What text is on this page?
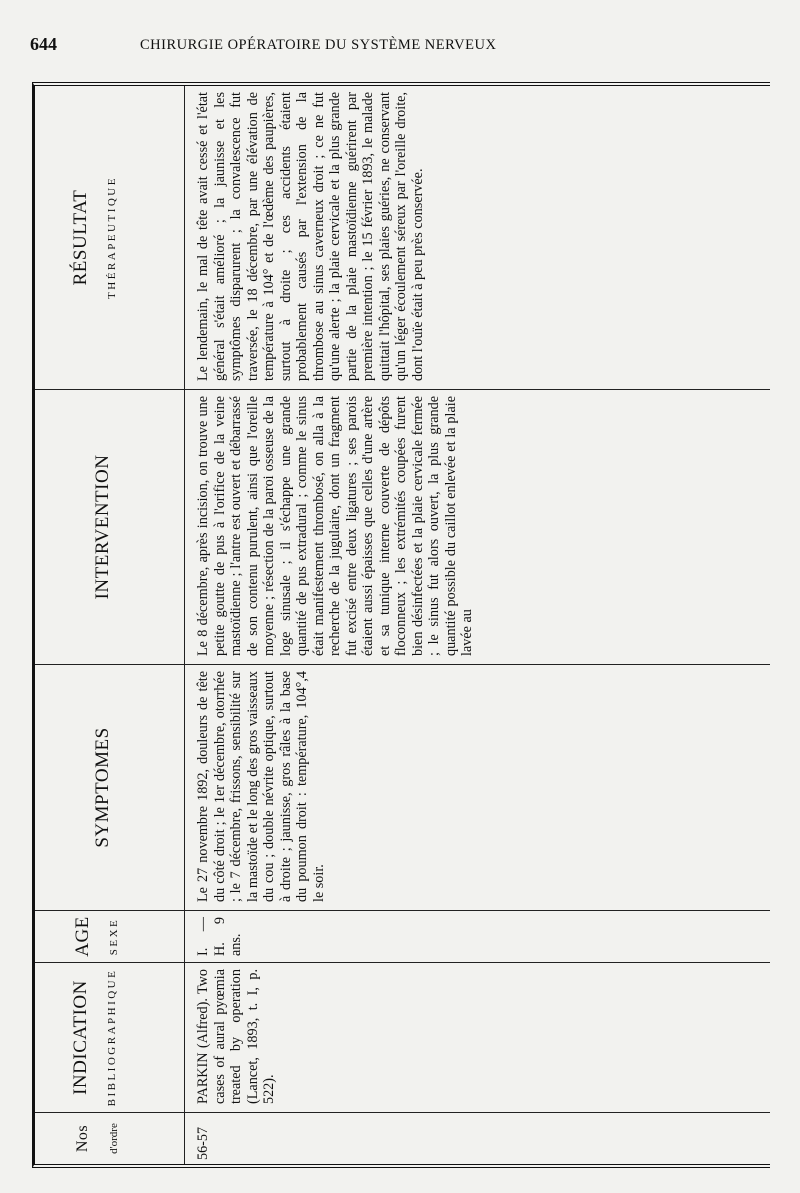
644	CHIRURGIE OPÉRATOIRE DU SYSTÈME NERVEUX
Nos d'ordre	56-57
INDICATION BIBLIOGRAPHIQUE	PARKIN (Alfred). Two cases of aural pyœmia treated by operation (Lancet, 1893, t. I, p. 522).
AGE SEXE	I. — H. 9 ans.
SYMPTOMES	Le 27 novembre 1892, douleurs de tête du côté droit ; le 1er décembre, otorrhée ; le 7 décembre, frissons, sensibilité sur la mastoïde et le long des gros vaisseaux du cou ; double névrite optique, surtout à droite ; jaunisse, gros râles à la base du poumon droit : température, 104°,4 le soir.
INTERVENTION	Le 8 décembre, après incision, on trouve une petite goutte de pus à l'orifice de la veine mastoïdienne ; l'antre est ouvert et débarrassé de son contenu purulent, ainsi que l'oreille moyenne ; résection de la paroi osseuse de la loge sinusale ; il s'échappe une grande quantité de pus extradural ; comme le sinus était manifestement thrombosé, on alla à la recherche de la jugulaire, dont un fragment fut excisé entre deux ligatures ; ses parois étaient aussi épaisses que celles d'une artère et sa tunique interne couverte de dépôts floconneux ; les extrémités coupées furent bien désinfectées et la plaie cervicale fermée ; le sinus fut alors ouvert, la plus grande quantité possible du caillot enlevée et la plaie lavée au
RÉSULTAT THÉRAPEUTIQUE	Le lendemain, le mal de tête avait cessé et l'état général s'était amélioré ; la jaunisse et les symptômes disparurent ; la convalescence fut traversée, le 18 décembre, par une élévation de température à 104° et de l'œdème des paupières, surtout à droite ; ces accidents étaient probablement causés par l'extension de la thrombose au sinus caverneux droit ; ce ne fut qu'une alerte ; la plaie cervicale et la plus grande partie de la plaie mastoïdienne guérirent par première intention ; le 15 février 1893, le malade quittait l'hôpital, ses plaies guéries, ne conservant qu'un léger écoulement séreux par l'oreille droite, dont l'ouïe était à peu près conservée.
